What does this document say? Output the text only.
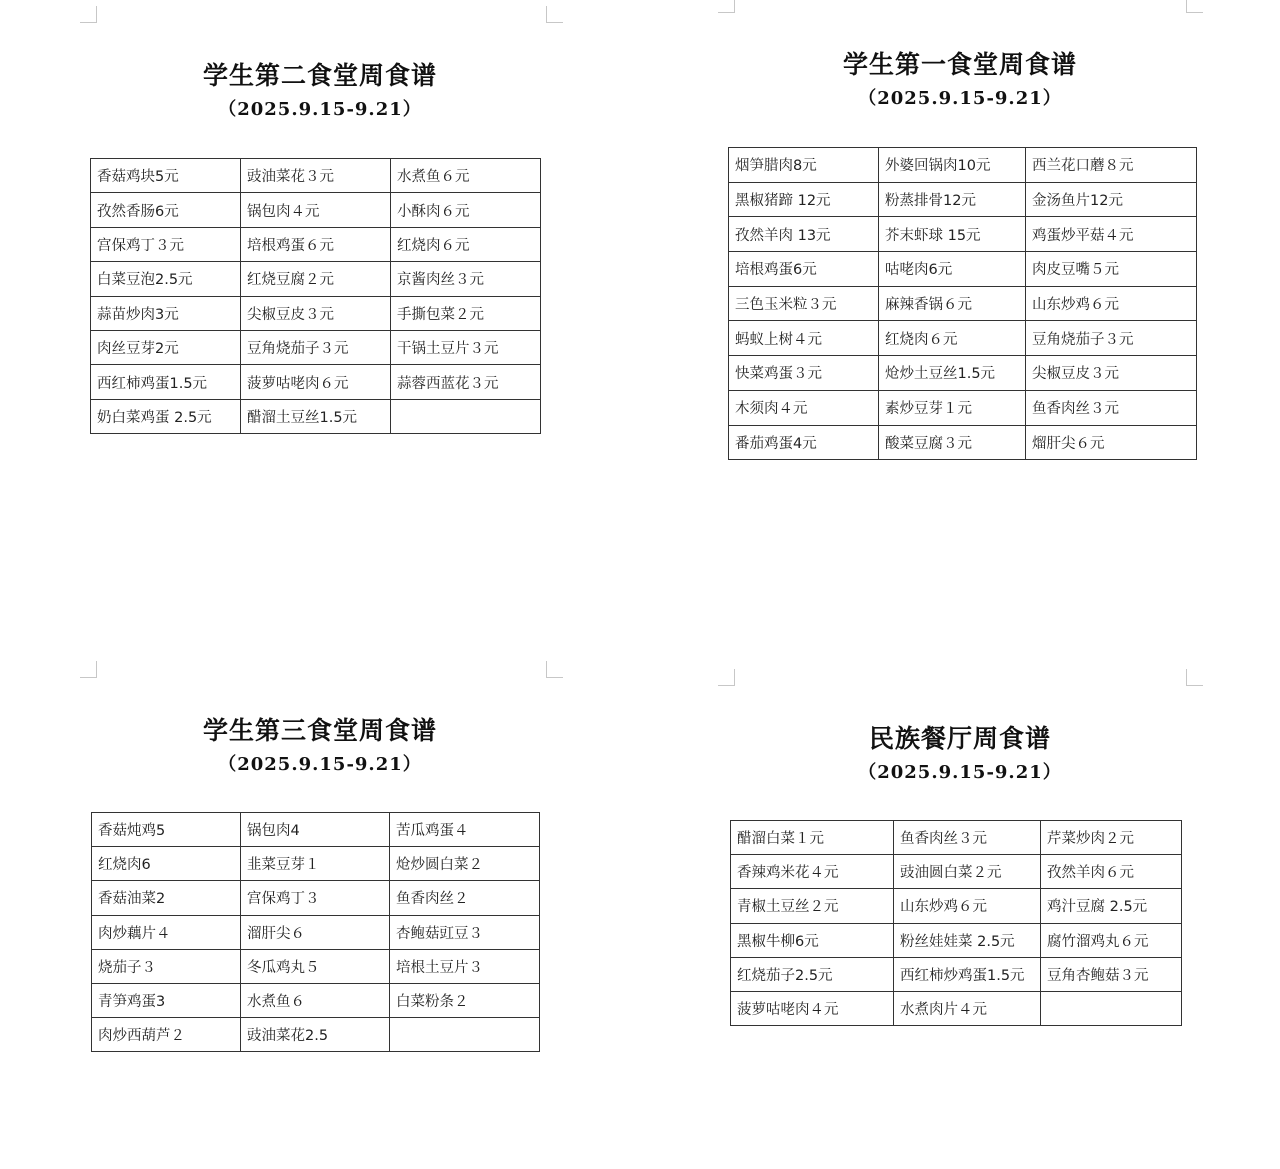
学生第二食堂周食谱
（2025.9.15-9.21）
香菇鸡块5元	豉油菜花３元	水煮鱼６元
孜然香肠6元	锅包肉４元	小酥肉６元
宫保鸡丁３元	培根鸡蛋６元	红烧肉６元
白菜豆泡2.5元	红烧豆腐２元	京酱肉丝３元
蒜苗炒肉3元	尖椒豆皮３元	手撕包菜２元
肉丝豆芽2元	豆角烧茄子３元	干锅土豆片３元
西红柿鸡蛋1.5元	菠萝咕咾肉６元	蒜蓉西蓝花３元
奶白菜鸡蛋 2.5元	醋溜土豆丝1.5元	
学生第一食堂周食谱
（2025.9.15-9.21）
烟笋腊肉8元	外婆回锅肉10元	西兰花口蘑８元
黑椒猪蹄 12元	粉蒸排骨12元	金汤鱼片12元
孜然羊肉 13元	芥末虾球 15元	鸡蛋炒平菇４元
培根鸡蛋6元	咕咾肉6元	肉皮豆嘴５元
三色玉米粒３元	麻辣香锅６元	山东炒鸡６元
蚂蚁上树４元	红烧肉６元	豆角烧茄子３元
快菜鸡蛋３元	炝炒土豆丝1.5元	尖椒豆皮３元
木须肉４元	素炒豆芽１元	鱼香肉丝３元
番茄鸡蛋4元	酸菜豆腐３元	熘肝尖６元
学生第三食堂周食谱
（2025.9.15-9.21）
香菇炖鸡5	锅包肉4	苦瓜鸡蛋４
红烧肉6	韭菜豆芽１	炝炒圆白菜２
香菇油菜2	宫保鸡丁３	鱼香肉丝２
肉炒藕片４	溜肝尖６	杏鲍菇豇豆３
烧茄子３	冬瓜鸡丸５	培根土豆片３
青笋鸡蛋3	水煮鱼６	白菜粉条２
肉炒西葫芦２	豉油菜花2.5	
民族餐厅周食谱
（2025.9.15-9.21）
醋溜白菜１元	鱼香肉丝３元	芹菜炒肉２元
香辣鸡米花４元	豉油圆白菜２元	孜然羊肉６元
青椒土豆丝２元	山东炒鸡６元	鸡汁豆腐 2.5元
黑椒牛柳6元	粉丝娃娃菜 2.5元	腐竹溜鸡丸６元
红烧茄子2.5元	西红柿炒鸡蛋1.5元	豆角杏鲍菇３元
菠萝咕咾肉４元	水煮肉片４元	
